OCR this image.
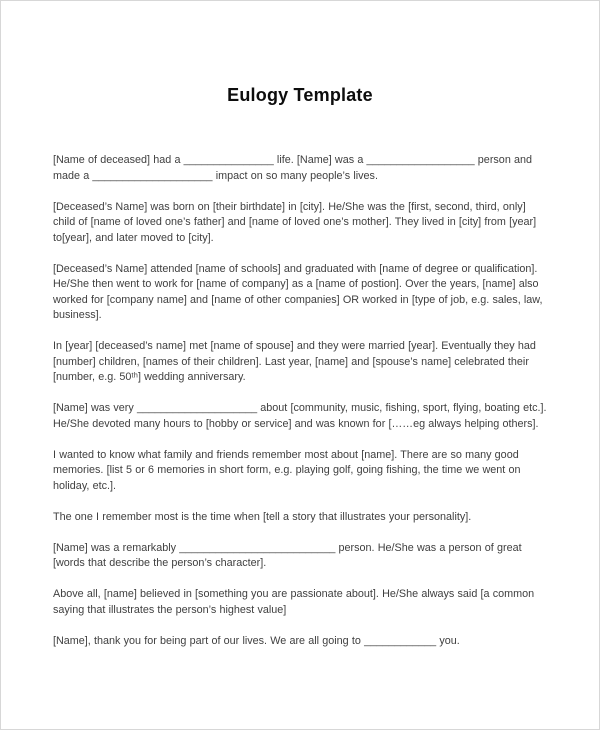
Eulogy Template

[Name of deceased] had a _______________ life. [Name] was a __________________ person and made a ____________________ impact on so many people’s lives.

[Deceased’s Name] was born on [their birthdate] in [city]. He/She was the [first, second, third, only] child of [name of loved one’s father] and [name of loved one’s mother]. They lived in [city] from [year] to[year], and later moved to [city].

[Deceased’s Name] attended [name of schools] and graduated with [name of degree or qualification]. He/She then went to work for [name of company] as a [name of postion]. Over the years, [name] also worked for [company name] and [name of other companies] OR worked in [type of job, e.g. sales, law, business].

In [year] [deceased’s name] met [name of spouse] and they were married [year]. Eventually they had [number] children, [names of their children]. Last year, [name] and [spouse’s name] celebrated their [number, e.g. 50ᵗʰ] wedding anniversary.

[Name] was very ____________________ about [community, music, fishing, sport, flying, boating etc.]. He/She devoted many hours to [hobby or service] and was known for [……eg always helping others].

I wanted to know what family and friends remember most about [name]. There are so many good memories. [list 5 or 6 memories in short form, e.g. playing golf, going fishing, the time we went on holiday, etc.].

The one I remember most is the time when [tell a story that illustrates your personality].

[Name] was a remarkably __________________________ person. He/She was a person of great [words that describe the person’s character].

Above all, [name] believed in [something you are passionate about]. He/She always said [a common saying that illustrates the person’s highest value]

[Name], thank you for being part of our lives. We are all going to ____________ you.
